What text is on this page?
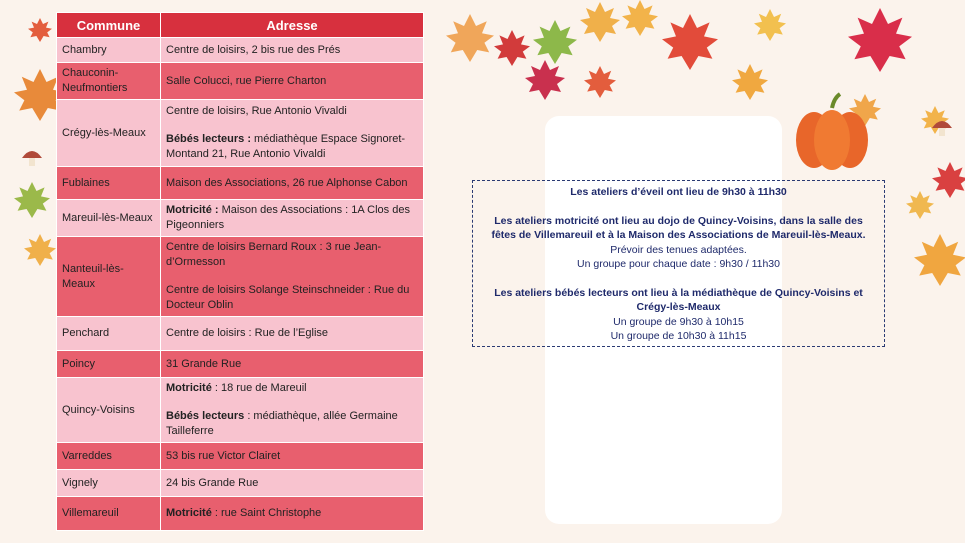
Commune	Adresse
Chambry	Centre de loisirs, 2 bis rue des Prés
Chauconin-Neufmontiers	Salle Colucci, rue Pierre Charton
Crégy-lès-Meaux	Centre de loisirs, Rue Antonio Vivaldi
Bébés lecteurs : médiathèque Espace Signoret-Montand 21, Rue Antonio Vivaldi

Fublaines	Maison des Associations, 26 rue Alphonse Cabon
Mareuil-lès-Meaux	Motricité : Maison des Associations : 1A Clos des Pigeonniers
Nanteuil-lès-Meaux	Centre de loisirs Bernard Roux : 3 rue Jean-d’Ormesson
Centre de loisirs Solange Steinschneider : Rue du Docteur Oblin

Penchard	Centre de loisirs : Rue de l’Eglise
Poincy	31 Grande Rue
Quincy-Voisins	Motricité : 18 rue de Mareuil
Bébés lecteurs : médiathèque, allée Germaine Tailleferre

Varreddes	53 bis rue Victor Clairet
Vignely	24 bis Grande Rue
Villemareuil	Motricité : rue Saint Christophe
Les ateliers d’éveil ont lieu de 9h30 à 11h30
Les ateliers motricité ont lieu au dojo de Quincy-Voisins, dans la salle des fêtes de Villemareuil et à la Maison des Associations de Mareuil-lès-Meaux.
Prévoir des tenues adaptées.
Un groupe pour chaque date : 9h30 / 11h30
Les ateliers bébés lecteurs ont lieu à la médiathèque de Quincy-Voisins et Crégy-lès-Meaux
Un groupe de 9h30 à 10h15
Un groupe de 10h30 à 11h15
